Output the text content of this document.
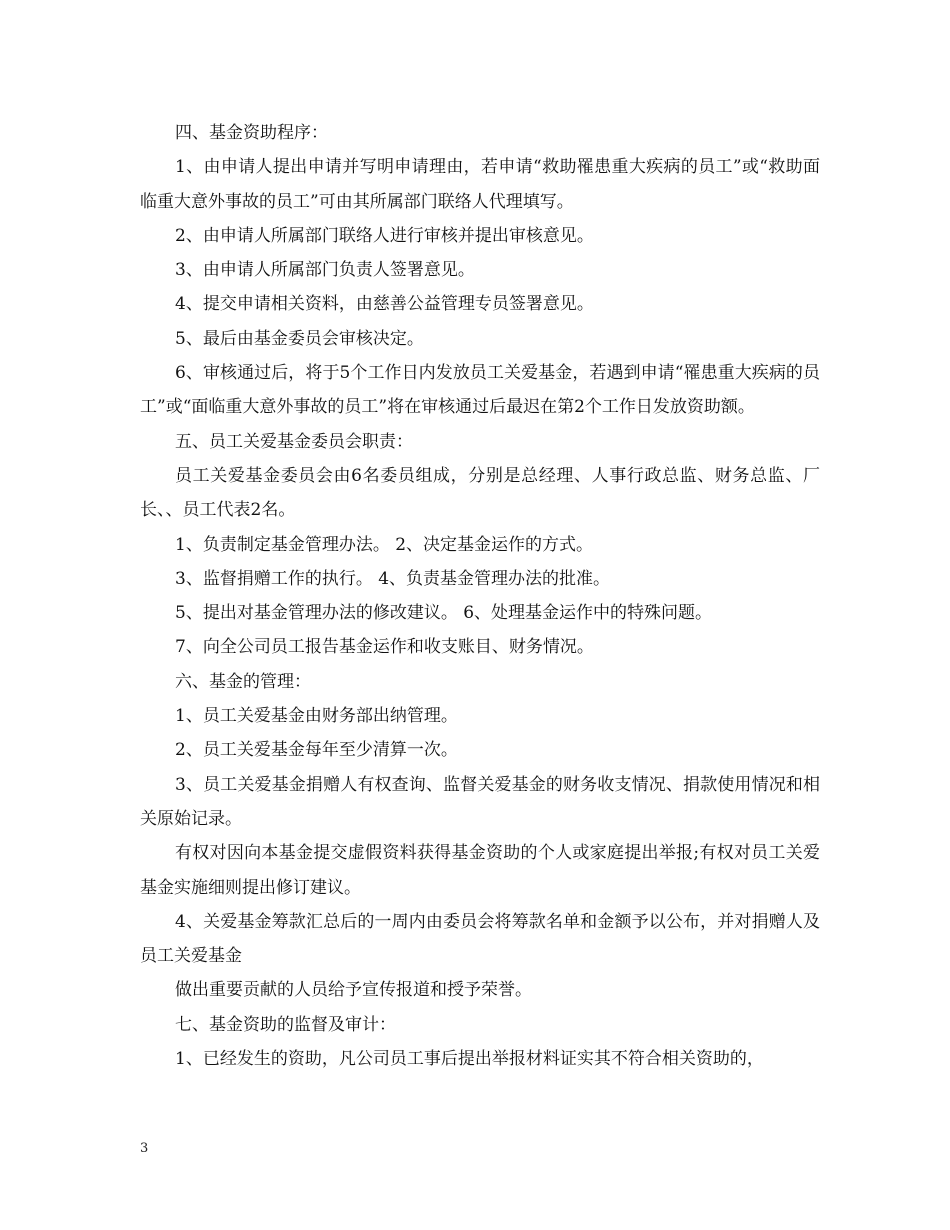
四、基金资助程序：

1、由申请人提出申请并写明申请理由，若申请“救助罹患重大疾病的员工”或“救助面临重大意外事故的员工”可由其所属部门联络人代理填写。

2、由申请人所属部门联络人进行审核并提出审核意见。

3、由申请人所属部门负责人签署意见。

4、提交申请相关资料，由慈善公益管理专员签署意见。

5、最后由基金委员会审核决定。

6、审核通过后，将于5个工作日内发放员工关爱基金，若遇到申请“罹患重大疾病的员工”或“面临重大意外事故的员工”将在审核通过后最迟在第2个工作日发放资助额。

五、员工关爱基金委员会职责：

员工关爱基金委员会由6名委员组成，分别是总经理、人事行政总监、财务总监、厂长、、员工代表2名。

1、负责制定基金管理办法。 2、决定基金运作的方式。

3、监督捐赠工作的执行。 4、负责基金管理办法的批准。

5、提出对基金管理办法的修改建议。 6、处理基金运作中的特殊问题。

7、向全公司员工报告基金运作和收支账目、财务情况。

六、基金的管理：

1、员工关爱基金由财务部出纳管理。

2、员工关爱基金每年至少清算一次。

3、员工关爱基金捐赠人有权查询、监督关爱基金的财务收支情况、捐款使用情况和相关原始记录。

有权对因向本基金提交虚假资料获得基金资助的个人或家庭提出举报;有权对员工关爱基金实施细则提出修订建议。

4、关爱基金筹款汇总后的一周内由委员会将筹款名单和金额予以公布，并对捐赠人及员工关爱基金

做出重要贡献的人员给予宣传报道和授予荣誉。

七、基金资助的监督及审计：

1、已经发生的资助，凡公司员工事后提出举报材料证实其不符合相关资助的，

3
